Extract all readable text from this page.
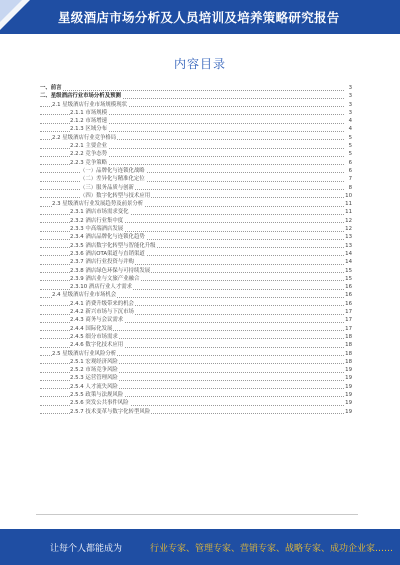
星级酒店市场分析及人员培训及培养策略研究报告
内容目录
一、前言	3
二、星级酒店行业市场分析及预测	3
2.1 星级酒店行业市场规模现状	3
2.1.1 市场规模	3
2.1.2 市场增速	4
2.1.3 区域分布	4
2.2 星级酒店行业竞争格局	5
2.2.1 主要企业	5
2.2.2 竞争态势	5
2.2.3 竞争策略	6
（一）品牌化与连锁化战略	6
（二）差异化与精准化定位	7
（三）服务品质与创新	8
（四）数字化转型与技术应用	10
2.3 星级酒店行业发展趋势及前景分析	11
2.3.1 酒店市场需求变化	11
2.3.2 酒店行业集中度	12
2.3.3 中高端酒店发展	12
2.3.4 酒店品牌化与连锁化趋势	13
2.3.5 酒店数字化转型与智能化升级	13
2.3.6 酒店OTA渠道与直销渠道	14
2.3.7 酒店行业投资与并购	14
2.3.8 酒店绿色环保与可持续发展	15
2.3.9 酒店业与文旅产业融合	15
2.3.10 酒店行业人才需求	16
2.4 星级酒店行业市场机会	16
2.4.1 消费升级带来的机会	16
2.4.2 新兴市场与下沉市场	17
2.4.3 商务与会议需求	17
2.4.4 国际化发展	17
2.4.5 细分市场需求	18
2.4.6 数字化技术应用	18
2.5 星级酒店行业风险分析	18
2.5.1 宏观经济风险	18
2.5.2 市场竞争风险	19
2.5.3 运营管理风险	19
2.5.4 人才流失风险	19
2.5.5 政策与法规风险	19
2.5.6 突发公共事件风险	19
2.5.7 技术变革与数字化转型风险	19
让每个人都能成为	行业专家、管理专家、营销专家、战略专家、成功企业家……
